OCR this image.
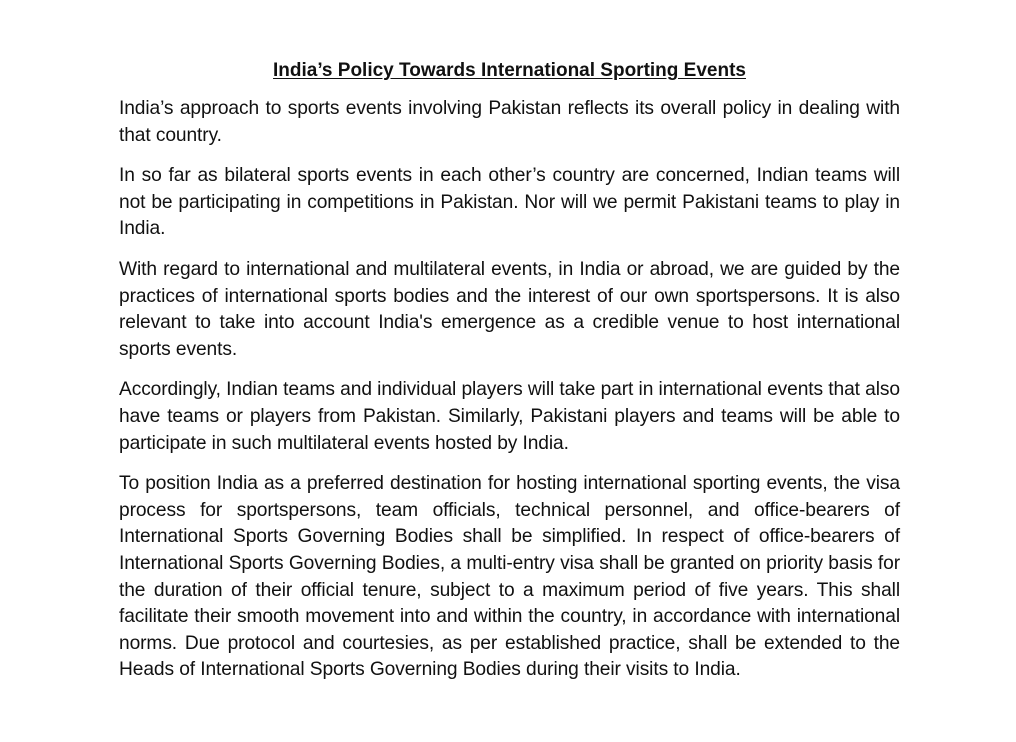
India’s Policy Towards International Sporting Events

India’s approach to sports events involving Pakistan reflects its overall policy in dealing with that country.

In so far as bilateral sports events in each other’s country are concerned, Indian teams will not be participating in competitions in Pakistan. Nor will we permit Pakistani teams to play in India.

With regard to international and multilateral events, in India or abroad, we are guided by the practices of international sports bodies and the interest of our own sportspersons. It is also relevant to take into account India's emergence as a credible venue to host international sports events.

Accordingly, Indian teams and individual players will take part in international events that also have teams or players from Pakistan. Similarly, Pakistani players and teams will be able to participate in such multilateral events hosted by India.

To position India as a preferred destination for hosting international sporting events, the visa process for sportspersons, team officials, technical personnel, and office-bearers of International Sports Governing Bodies shall be simplified. In respect of office-bearers of International Sports Governing Bodies, a multi-entry visa shall be granted on priority basis for the duration of their official tenure, subject to a maximum period of five years. This shall facilitate their smooth movement into and within the country, in accordance with international norms. Due protocol and courtesies, as per established practice, shall be extended to the Heads of International Sports Governing Bodies during their visits to India.
